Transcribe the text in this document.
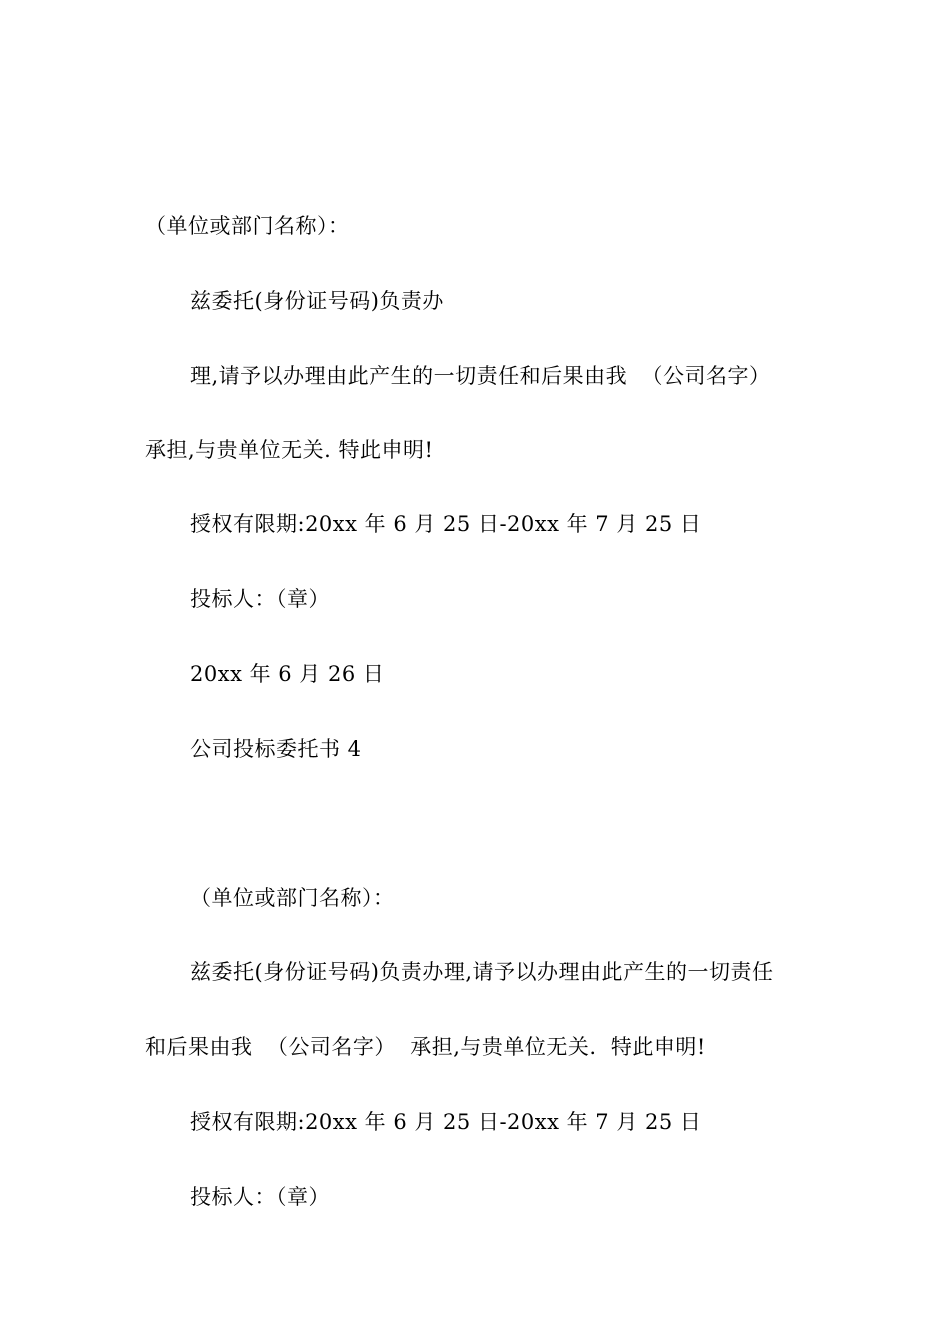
（单位或部门名称）：
兹委托(身份证号码)负责办
理,请予以办理由此产生的一切责任和后果由我  （公司名字）
承担,与贵单位无关. 特此申明!
授权有限期:20xx 年 6 月 25 日-20xx 年 7 月 25 日
投标人：（章）
20xx 年 6 月 26 日
公司投标委托书 4
（单位或部门名称）：
兹委托(身份证号码)负责办理,请予以办理由此产生的一切责任
和后果由我  （公司名字）  承担,与贵单位无关.  特此申明!
授权有限期:20xx 年 6 月 25 日-20xx 年 7 月 25 日
投标人：（章）
